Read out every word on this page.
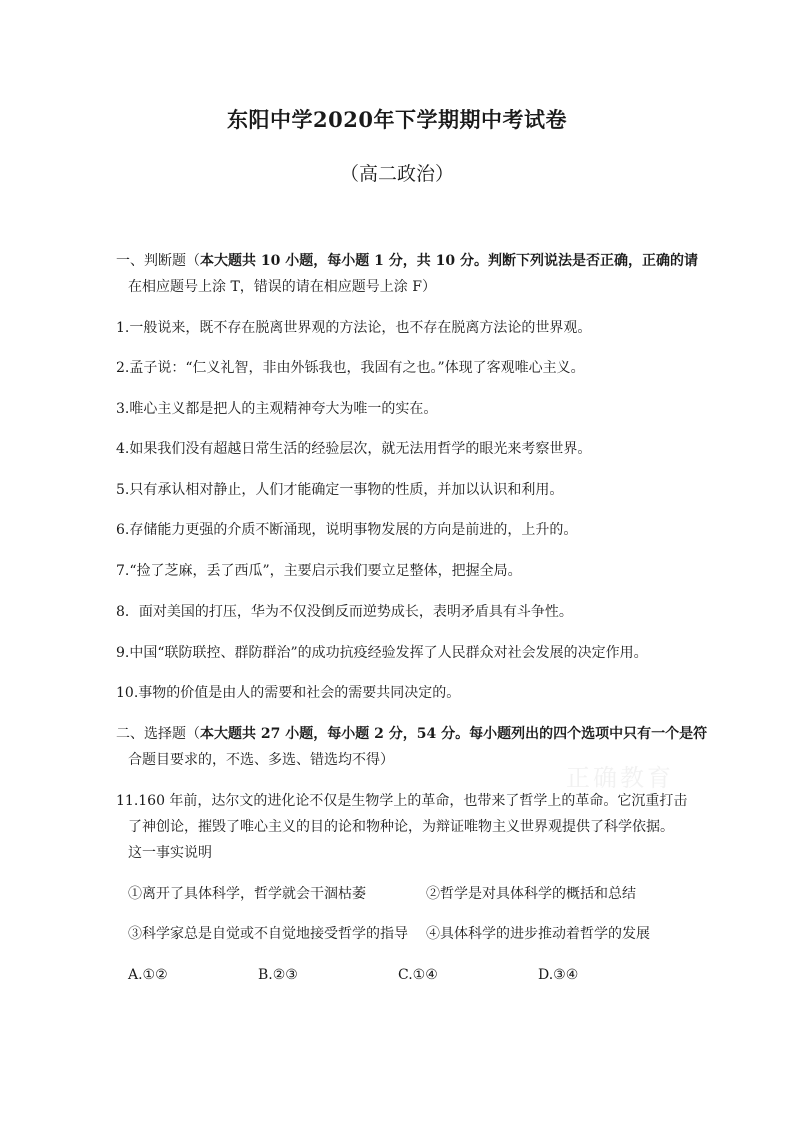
东阳中学2020年下学期期中考试卷
（高二政治）
一、判断题（本大题共 10 小题，每小题 1 分，共 10 分。判断下列说法是否正确，正确的请
在相应题号上涂 T，错误的请在相应题号上涂 F）
1.一般说来，既不存在脱离世界观的方法论，也不存在脱离方法论的世界观。
2.孟子说：“仁义礼智，非由外铄我也，我固有之也。”体现了客观唯心主义。
3.唯心主义都是把人的主观精神夸大为唯一的实在。
4.如果我们没有超越日常生活的经验层次，就无法用哲学的眼光来考察世界。
5.只有承认相对静止，人们才能确定一事物的性质，并加以认识和利用。
6.存储能力更强的介质不断涌现，说明事物发展的方向是前进的，上升的。
7.“捡了芝麻，丢了西瓜”，主要启示我们要立足整体，把握全局。
8．面对美国的打压，华为不仅没倒反而逆势成长，表明矛盾具有斗争性。
9.中国“联防联控、群防群治”的成功抗疫经验发挥了人民群众对社会发展的决定作用。
10.事物的价值是由人的需要和社会的需要共同决定的。
二、选择题（本大题共 27 小题，每小题 2 分，54 分。每小题列出的四个选项中只有一个是符
合题目要求的，不选、多选、错选均不得）
11.160 年前，达尔文的进化论不仅是生物学上的革命，也带来了哲学上的革命。它沉重打击
了神创论，摧毁了唯心主义的目的论和物种论，为辩证唯物主义世界观提供了科学依据。
这一事实说明
①离开了具体科学，哲学就会干涸枯萎	②哲学是对具体科学的概括和总结
③科学家总是自觉或不自觉地接受哲学的指导 ④具体科学的进步推动着哲学的发展
A.①②	B.②③	C.①④	D.③④
正确教育
